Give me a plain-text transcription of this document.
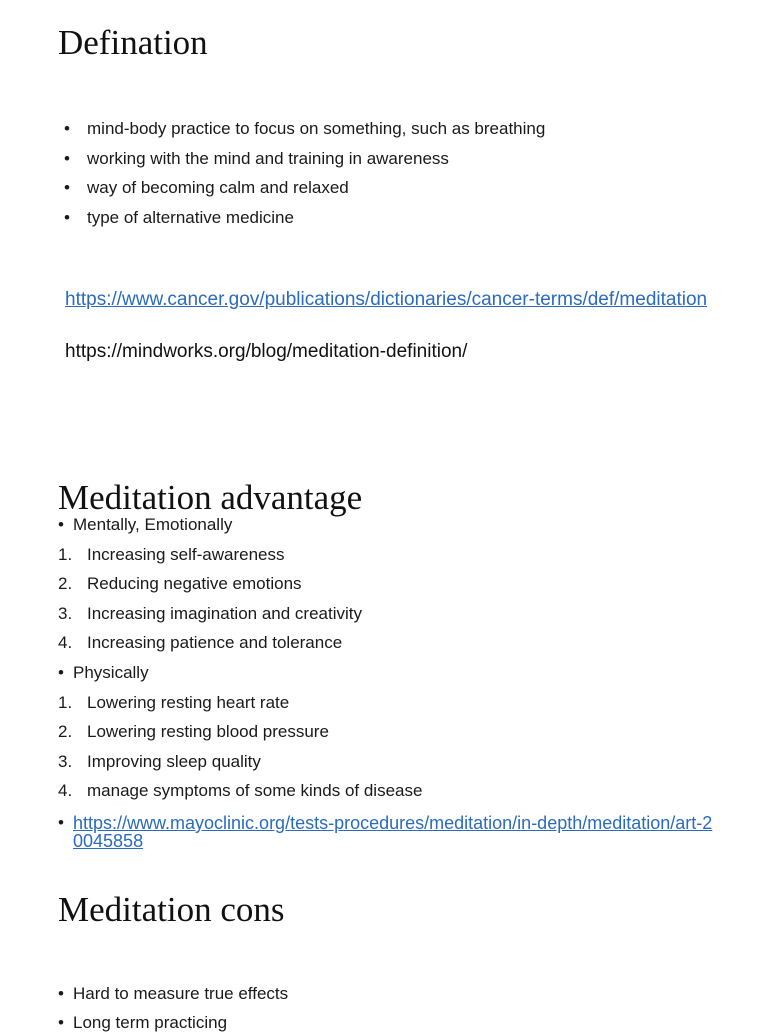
Defination
• mind-body practice to focus on something, such as breathing
• working with the mind and training in awareness
• way of becoming calm and relaxed
• type of alternative medicine
https://www.cancer.gov/publications/dictionaries/cancer-terms/def/meditation
https://mindworks.org/blog/meditation-definition/
Meditation advantage
• Mentally, Emotionally
1. Increasing self-awareness
2. Reducing negative emotions
3. Increasing imagination and creativity
4. Increasing patience and tolerance
• Physically
1. Lowering resting heart rate
2. Lowering resting blood pressure
3. Improving sleep quality
4. manage symptoms of some kinds of disease
• https://www.mayoclinic.org/tests-procedures/meditation/in-depth/meditation/art-20045858
Meditation cons
• Hard to measure true effects
• Long term practicing
